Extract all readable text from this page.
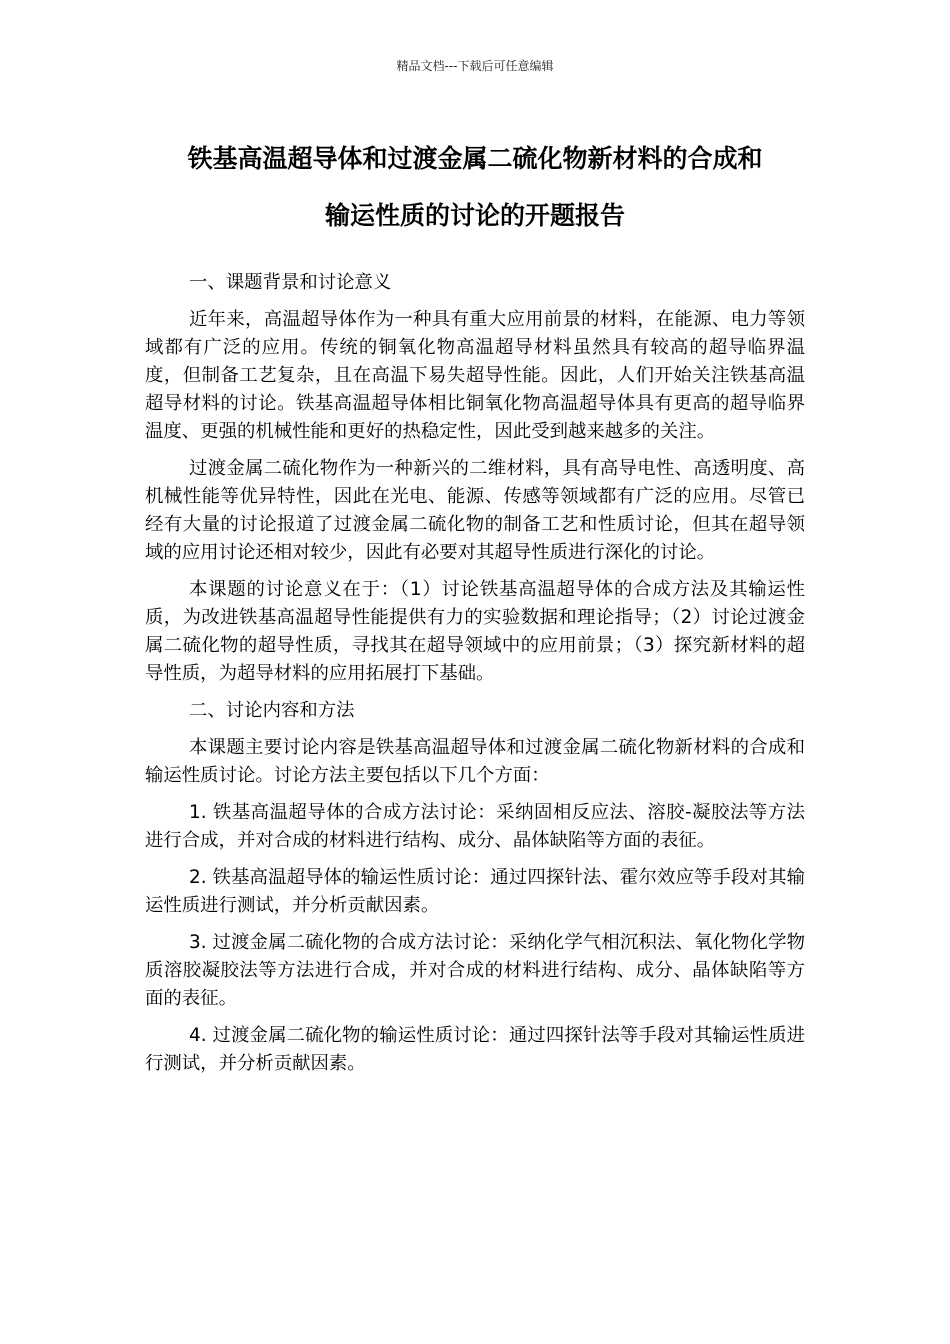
精品文档---下载后可任意编辑
铁基高温超导体和过渡金属二硫化物新材料的合成和
输运性质的讨论的开题报告

一、课题背景和讨论意义

近年来，高温超导体作为一种具有重大应用前景的材料，在能源、电力等领域都有广泛的应用。传统的铜氧化物高温超导材料虽然具有较高的超导临界温度，但制备工艺复杂，且在高温下易失超导性能。因此，人们开始关注铁基高温超导材料的讨论。铁基高温超导体相比铜氧化物高温超导体具有更高的超导临界温度、更强的机械性能和更好的热稳定性，因此受到越来越多的关注。

过渡金属二硫化物作为一种新兴的二维材料，具有高导电性、高透明度、高机械性能等优异特性，因此在光电、能源、传感等领域都有广泛的应用。尽管已经有大量的讨论报道了过渡金属二硫化物的制备工艺和性质讨论，但其在超导领域的应用讨论还相对较少，因此有必要对其超导性质进行深化的讨论。

本课题的讨论意义在于：（1）讨论铁基高温超导体的合成方法及其输运性质，为改进铁基高温超导性能提供有力的实验数据和理论指导；（2）讨论过渡金属二硫化物的超导性质，寻找其在超导领域中的应用前景；（3）探究新材料的超导性质，为超导材料的应用拓展打下基础。

二、讨论内容和方法

本课题主要讨论内容是铁基高温超导体和过渡金属二硫化物新材料的合成和输运性质讨论。讨论方法主要包括以下几个方面：

1. 铁基高温超导体的合成方法讨论：采纳固相反应法、溶胶-凝胶法等方法进行合成，并对合成的材料进行结构、成分、晶体缺陷等方面的表征。

2. 铁基高温超导体的输运性质讨论：通过四探针法、霍尔效应等手段对其输运性质进行测试，并分析贡献因素。

3. 过渡金属二硫化物的合成方法讨论：采纳化学气相沉积法、氧化物化学物质溶胶凝胶法等方法进行合成，并对合成的材料进行结构、成分、晶体缺陷等方面的表征。

4. 过渡金属二硫化物的输运性质讨论：通过四探针法等手段对其输运性质进行测试，并分析贡献因素。
